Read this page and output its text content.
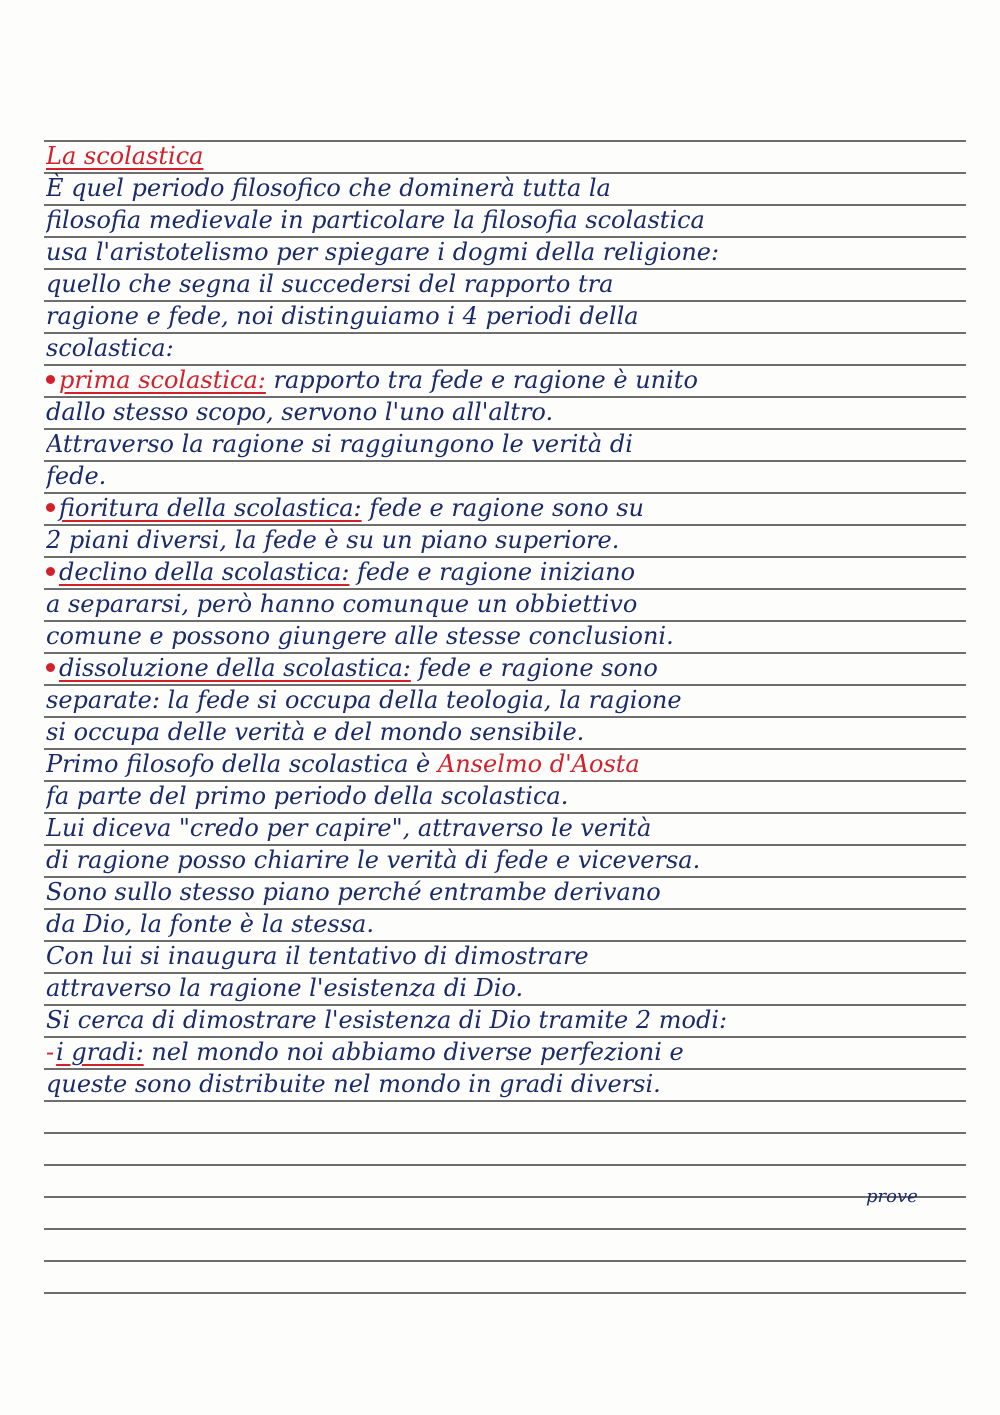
La scolastica
È quel periodo filosofico che dominerà tutta la
filosofia medievale in particolare la filosofia scolastica
usa l'aristotelismo per spiegare i dogmi della religione:
quello che segna il succedersi del rapporto tra
ragione e fede, noi distinguiamo i 4 periodi della
scolastica:
prima scolastica: rapporto tra fede e ragione è unito
dallo stesso scopo, servono l'uno all'altro.
Attraverso la ragione si raggiungono le verità di
fede.
fioritura della scolastica: fede e ragione sono su
2 piani diversi, la fede è su un piano superiore.
declino della scolastica: fede e ragione iniziano
a separarsi, però hanno comunque un obbiettivo
comune e possono giungere alle stesse conclusioni.
dissoluzione della scolastica: fede e ragione sono
separate: la fede si occupa della teologia, la ragione
si occupa delle verità e del mondo sensibile.
Primo filosofo della scolastica è Anselmo d'Aosta
fa parte del primo periodo della scolastica.
Lui diceva "credo per capire", attraverso le verità
di ragione posso chiarire le verità di fede e viceversa.
Sono sullo stesso piano perché entrambe derivano
da Dio, la fonte è la stessa.
Con lui si inaugura il tentativo di dimostrare
attraverso la ragione l'esistenza di Dio.
Si cerca di dimostrare l'esistenza di Dio tramite 2 modi:
-i gradi: nel mondo noi abbiamo diverse perfezioni e
queste sono distribuite nel mondo in gradi diversi.
prove
